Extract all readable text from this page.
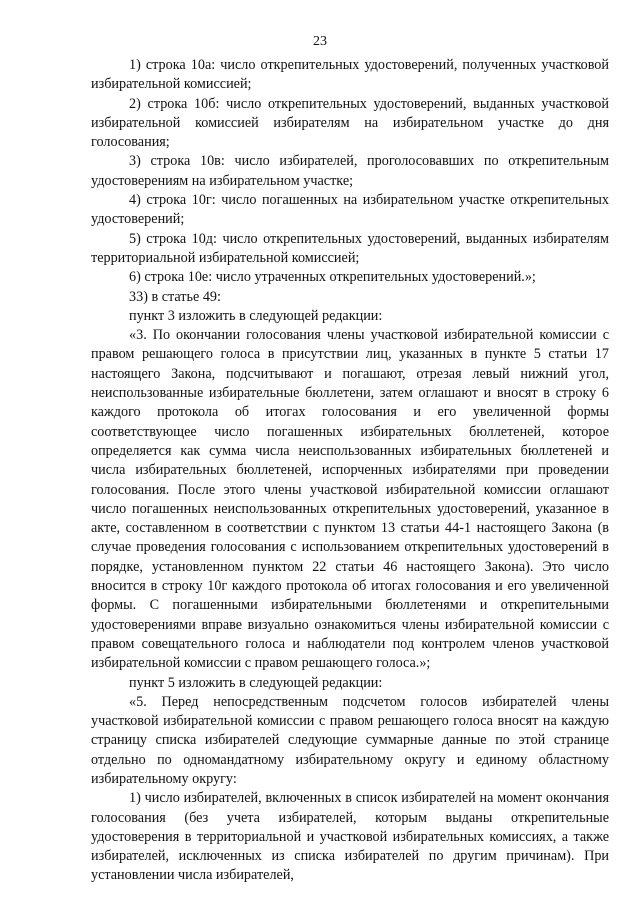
23

1) строка 10а: число открепительных удостоверений, полученных участковой избирательной комиссией;

2) строка 10б: число открепительных удостоверений, выданных участковой избирательной комиссией избирателям на избирательном участке до дня голосования;

3) строка 10в: число избирателей, проголосовавших по открепительным удостоверениям на избирательном участке;

4) строка 10г: число погашенных на избирательном участке открепительных удостоверений;

5) строка 10д: число открепительных удостоверений, выданных избирателям территориальной избирательной комиссией;

6) строка 10е: число утраченных открепительных удостоверений.»;

33) в статье 49:

пункт 3 изложить в следующей редакции:

«3. По окончании голосования члены участковой избирательной комиссии с правом решающего голоса в присутствии лиц, указанных в пункте 5 статьи 17 настоящего Закона, подсчитывают и погашают, отрезая левый нижний угол, неиспользованные избирательные бюллетени, затем оглашают и вносят в строку 6 каждого протокола об итогах голосования и его увеличенной формы соответствующее число погашенных избирательных бюллетеней, которое определяется как сумма числа неиспользованных избирательных бюллетеней и числа избирательных бюллетеней, испорченных избирателями при проведении голосования. После этого члены участковой избирательной комиссии оглашают число погашенных неиспользованных открепительных удостоверений, указанное в акте, составленном в соответствии с пунктом 13 статьи 44-1 настоящего Закона (в случае проведения голосования с использованием открепительных удостоверений в порядке, установленном пунктом 22 статьи 46 настоящего Закона). Это число вносится в строку 10г каждого протокола об итогах голосования и его увеличенной формы. С погашенными избирательными бюллетенями и открепительными удостоверениями вправе визуально ознакомиться члены избирательной комиссии с правом совещательного голоса и наблюдатели под контролем членов участковой избирательной комиссии с правом решающего голоса.»;

пункт 5 изложить в следующей редакции:

«5. Перед непосредственным подсчетом голосов избирателей члены участковой избирательной комиссии с правом решающего голоса вносят на каждую страницу списка избирателей следующие суммарные данные по этой странице отдельно по одномандатному избирательному округу и единому областному избирательному округу:

1) число избирателей, включенных в список избирателей на момент окончания голосования (без учета избирателей, которым выданы открепительные удостоверения в территориальной и участковой избирательных комиссиях, а также избирателей, исключенных из списка избирателей по другим причинам). При установлении числа избирателей,
